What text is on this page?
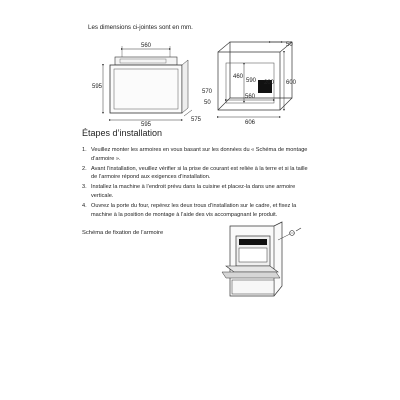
Les dimensions ci-jointes sont en mm.
560
595
595
575
50
460
590 200 600
570
50
560
606
Étapes d’installation
1. Veuillez monter les armoires en vous basant sur les données du « Schéma de montage d’armoire ».
2. Avant l’installation, veuillez vérifier si la prise de courant est reliée à la terre et si la taille de l’armoire répond aux exigences d’installation.
3. Installez la machine à l’endroit prévu dans la cuisine et placez-la dans une armoire verticale.
4. Ouvrez la porte du four, repérez les deux trous d’installation sur le cadre, et fixez la machine à la position de montage à l’aide des vis accompagnant le produit.
Schéma de fixation de l’armoire
